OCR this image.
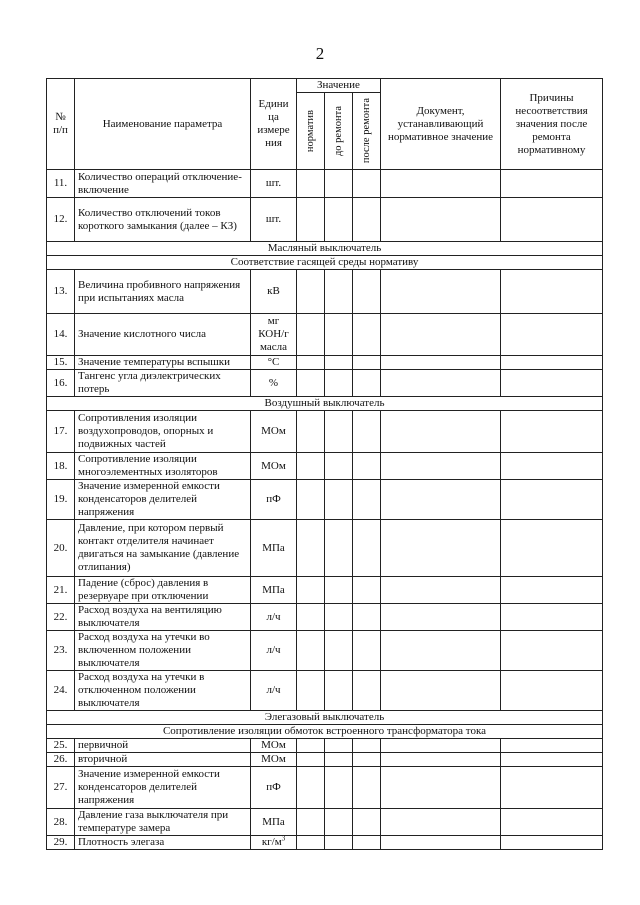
2
№ п/п	Наименование параметра	Едини ца измере ния	Значение			Документ, устанавливающий нормативное значение	Причины несоответствия значения после ремонта нормативному

			норматив	до ремонта	после ремонта		

11.	Количество операций отключение-включение	шт.					
12.	Количество отключений токов короткого замыкания (далее – КЗ)	шт.					
Масляный выключатель							
Соответствие гасящей среды нормативу							
13.	Величина пробивного напряжения при испытаниях масла	кВ					
14.	Значение кислотного числа	мг КОН/г масла					
15.	Значение температуры вспышки	°С					
16.	Тангенс угла диэлектрических потерь	%					
Воздушный выключатель							
17.	Сопротивления изоляции воздухопроводов, опорных и подвижных частей	МОм					
18.	Сопротивление изоляции многоэлементных изоляторов	МОм					
19.	Значение измеренной емкости конденсаторов делителей напряжения	пФ					
20.	Давление, при котором первый контакт отделителя начинает двигаться на замыкание (давление отлипания)	МПа					
21.	Падение (сброс) давления в резервуаре при отключении	МПа					
22.	Расход воздуха на вентиляцию выключателя	л/ч					
23.	Расход воздуха на утечки во включенном положении выключателя	л/ч					
24.	Расход воздуха на утечки в отключенном положении выключателя	л/ч					
Элегазовый выключатель							
Сопротивление изоляции обмоток встроенного трансформатора тока							
25.	первичной	МОм					
26.	вторичной	МОм					
27.	Значение измеренной емкости конденсаторов делителей напряжения	пФ					
28.	Давление газа выключателя при температуре замера	МПа					
29.	Плотность элегаза	$кг/м^3$					
